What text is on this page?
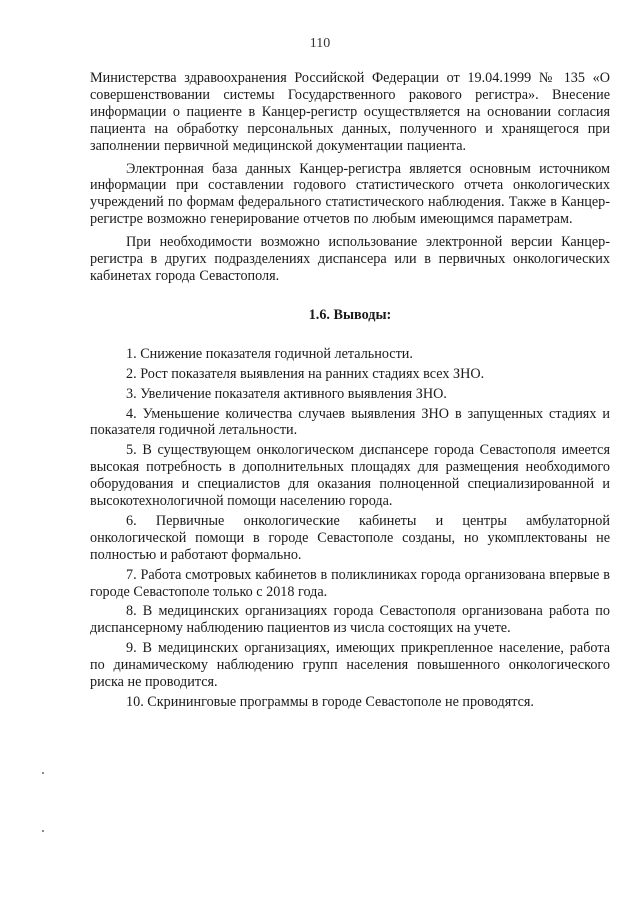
110

Министерства здравоохранения Российской Федерации от 19.04.1999 № 135 «О совершенствовании системы Государственного ракового регистра». Внесение информации о пациенте в Канцер-регистр осуществляется на основании согласия пациента на обработку персональных данных, полученного и хранящегося при заполнении первичной медицинской документации пациента.

Электронная база данных Канцер-регистра является основным источником информации при составлении годового статистического отчета онкологических учреждений по формам федерального статистического наблюдения. Также в Канцер-регистре возможно генерирование отчетов по любым имеющимся параметрам.

При необходимости возможно использование электронной версии Канцер-регистра в других подразделениях диспансера или в первичных онкологических кабинетах города Севастополя.

1.6. Выводы:

1. Снижение показателя годичной летальности.

2. Рост показателя выявления на ранних стадиях всех ЗНО.

3. Увеличение показателя активного выявления ЗНО.

4. Уменьшение количества случаев выявления ЗНО в запущенных стадиях и показателя годичной летальности.

5. В существующем онкологическом диспансере города Севастополя имеется высокая потребность в дополнительных площадях для размещения необходимого оборудования и специалистов для оказания полноценной специализированной и высокотехнологичной помощи населению города.

6. Первичные онкологические кабинеты и центры амбулаторной онкологической помощи в городе Севастополе созданы, но укомплектованы не полностью и работают формально.

7. Работа смотровых кабинетов в поликлиниках города организована впервые в городе Севастополе только с 2018 года.

8. В медицинских организациях города Севастополя организована работа по диспансерному наблюдению пациентов из числа состоящих на учете.

9. В медицинских организациях, имеющих прикрепленное население, работа по динамическому наблюдению групп населения повышенного онкологического риска не проводится.

10. Скрининговые программы в городе Севастополе не проводятся.
